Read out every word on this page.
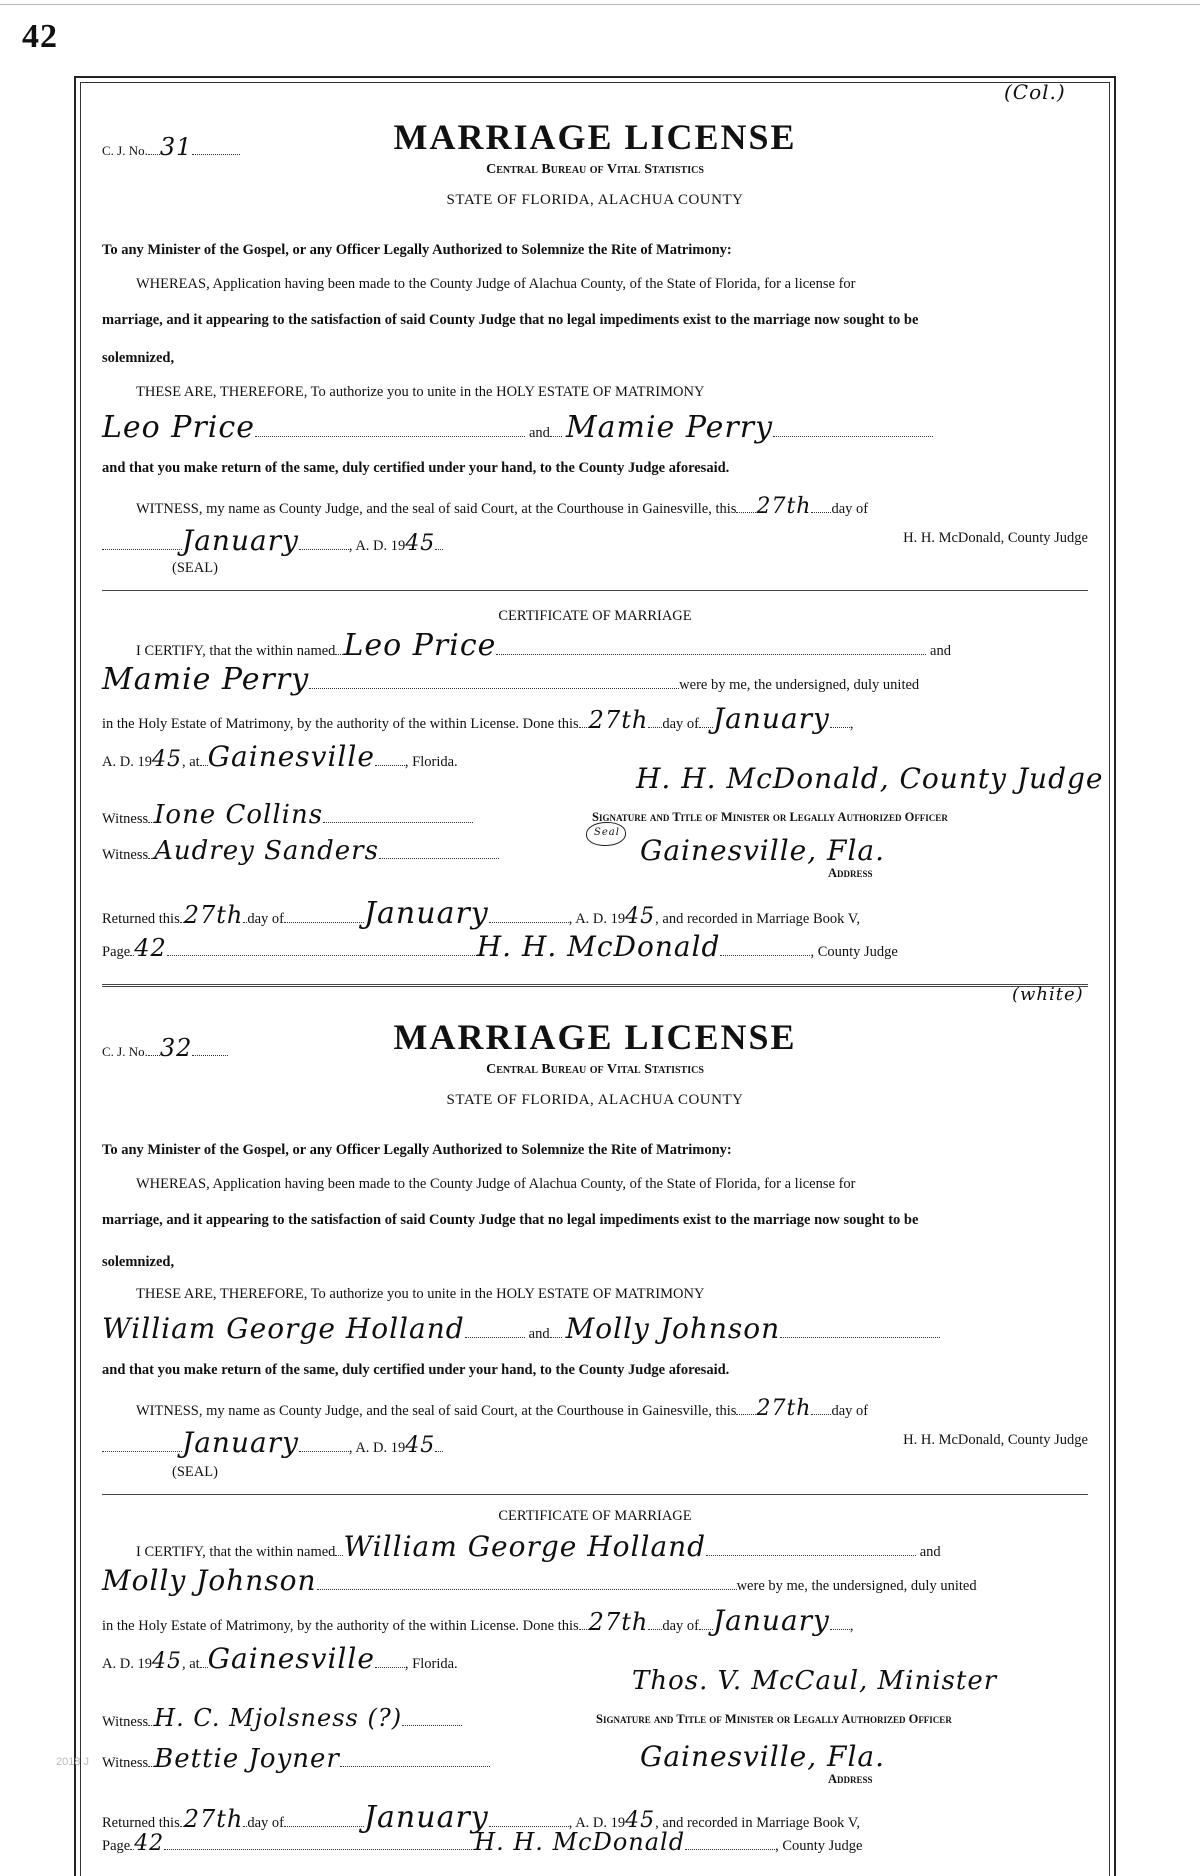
42
2018 J
(Col.)
C. J. No. 31	MARRIAGE LICENSE
Central Bureau of Vital Statistics
STATE OF FLORIDA, ALACHUA COUNTY
To any Minister of the Gospel, or any Officer Legally Authorized to Solemnize the Rite of Matrimony:
WHEREAS, Application having been made to the County Judge of Alachua County, of the State of Florida, for a license for
marriage, and it appearing to the satisfaction of said County Judge that no legal impediments exist to the marriage now sought to be
solemnized,
THESE ARE, THEREFORE, To authorize you to unite in the HOLY ESTATE OF MATRIMONY
Leo Price	and Mamie Perry
and that you make return of the same, duly certified under your hand, to the County Judge aforesaid.
WITNESS, my name as County Judge, and the seal of said Court, at the Courthouse in Gainesville, this 27th day of
January	, A. D. 1945	H. H. McDonald, County Judge
(SEAL)
CERTIFICATE OF MARRIAGE
I CERTIFY, that the within named Leo Price	and
Mamie Perry	were by me, the undersigned, duly united
in the Holy Estate of Matrimony, by the authority of the within License. Done this 27th day of January ,
A. D. 1945, at Gainesville , Florida.	H. H. McDonald, County Judge
Witness Ione Collins	Signature and Title of Minister or Legally Authorized Officer
Seal
Witness Audrey Sanders	Gainesville, Fla.
Address
Returned this 27th day of	January	, A. D. 1945, and recorded in Marriage Book V,
Page 42	H. H. McDonald	, County Judge
(white)
C. J. No. 32	MARRIAGE LICENSE
Central Bureau of Vital Statistics
STATE OF FLORIDA, ALACHUA COUNTY
To any Minister of the Gospel, or any Officer Legally Authorized to Solemnize the Rite of Matrimony:
WHEREAS, Application having been made to the County Judge of Alachua County, of the State of Florida, for a license for
marriage, and it appearing to the satisfaction of said County Judge that no legal impediments exist to the marriage now sought to be
solemnized,
THESE ARE, THEREFORE, To authorize you to unite in the HOLY ESTATE OF MATRIMONY
William George Holland	and Molly Johnson
and that you make return of the same, duly certified under your hand, to the County Judge aforesaid.
WITNESS, my name as County Judge, and the seal of said Court, at the Courthouse in Gainesville, this 27th day of
January	, A. D. 1945	H. H. McDonald, County Judge
(SEAL)
CERTIFICATE OF MARRIAGE
I CERTIFY, that the within named William George Holland	and
Molly Johnson	were by me, the undersigned, duly united
in the Holy Estate of Matrimony, by the authority of the within License. Done this 27th day of January ,
A. D. 1945, at Gainesville , Florida.
Thos. V. McCaul, Minister
Witness H. C. Mjolsness (?)	Signature and Title of Minister or Legally Authorized Officer
Witness Bettie Joyner	Gainesville, Fla.
Address
Returned this 27th day of	January	, A. D. 1945, and recorded in Marriage Book V,
Page 42	H. H. McDonald	, County Judge
